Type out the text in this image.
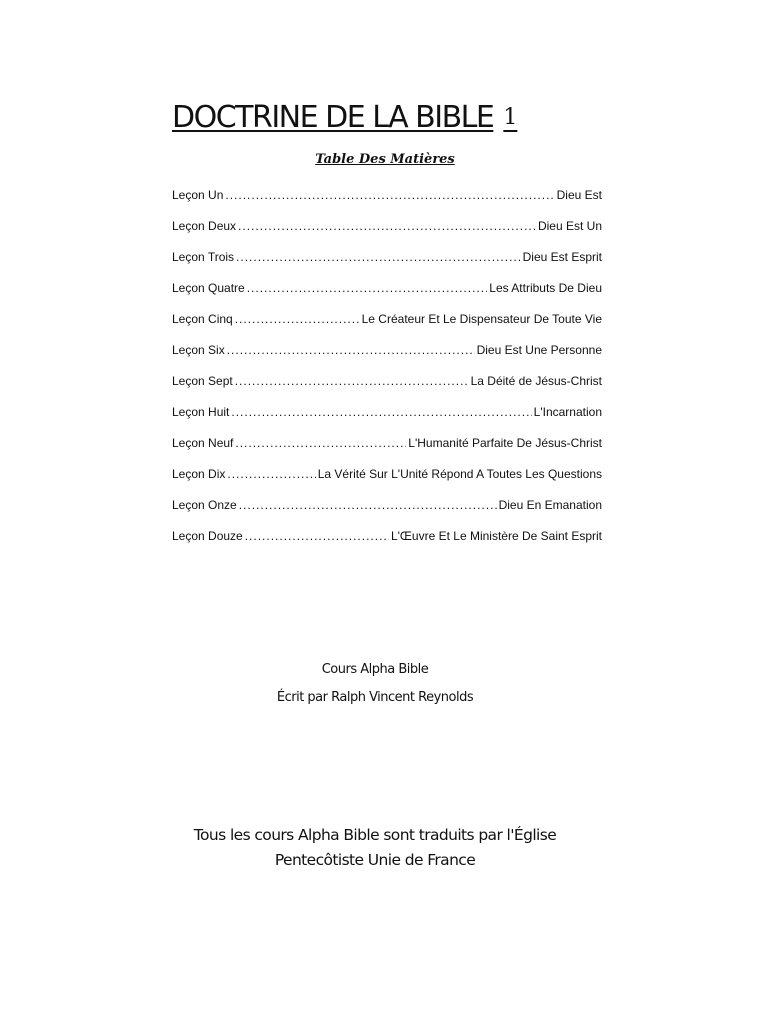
DOCTRINE DE LA BIBLE 1
Table Des Matières
Leçon Un .....	Dieu Est
Leçon Deux .....	Dieu Est Un
Leçon Trois .....	Dieu Est Esprit
Leçon Quatre .....	Les Attributs De Dieu
Leçon Cinq .....	Le Créateur Et Le Dispensateur De Toute Vie
Leçon Six .....	Dieu Est Une Personne
Leçon Sept .....	La Déité de Jésus-Christ
Leçon Huit .....	L'Incarnation
Leçon Neuf .....	L'Humanité Parfaite De Jésus-Christ
Leçon Dix .....	La Vérité Sur L'Unité Répond A Toutes Les Questions
Leçon Onze .....	Dieu En Emanation
Leçon Douze .....	L'Œuvre Et Le Ministère De Saint Esprit
Cours Alpha Bible
Écrit par Ralph Vincent Reynolds
Tous les cours Alpha Bible sont traduits par l'Église
Pentecôtiste Unie de France
